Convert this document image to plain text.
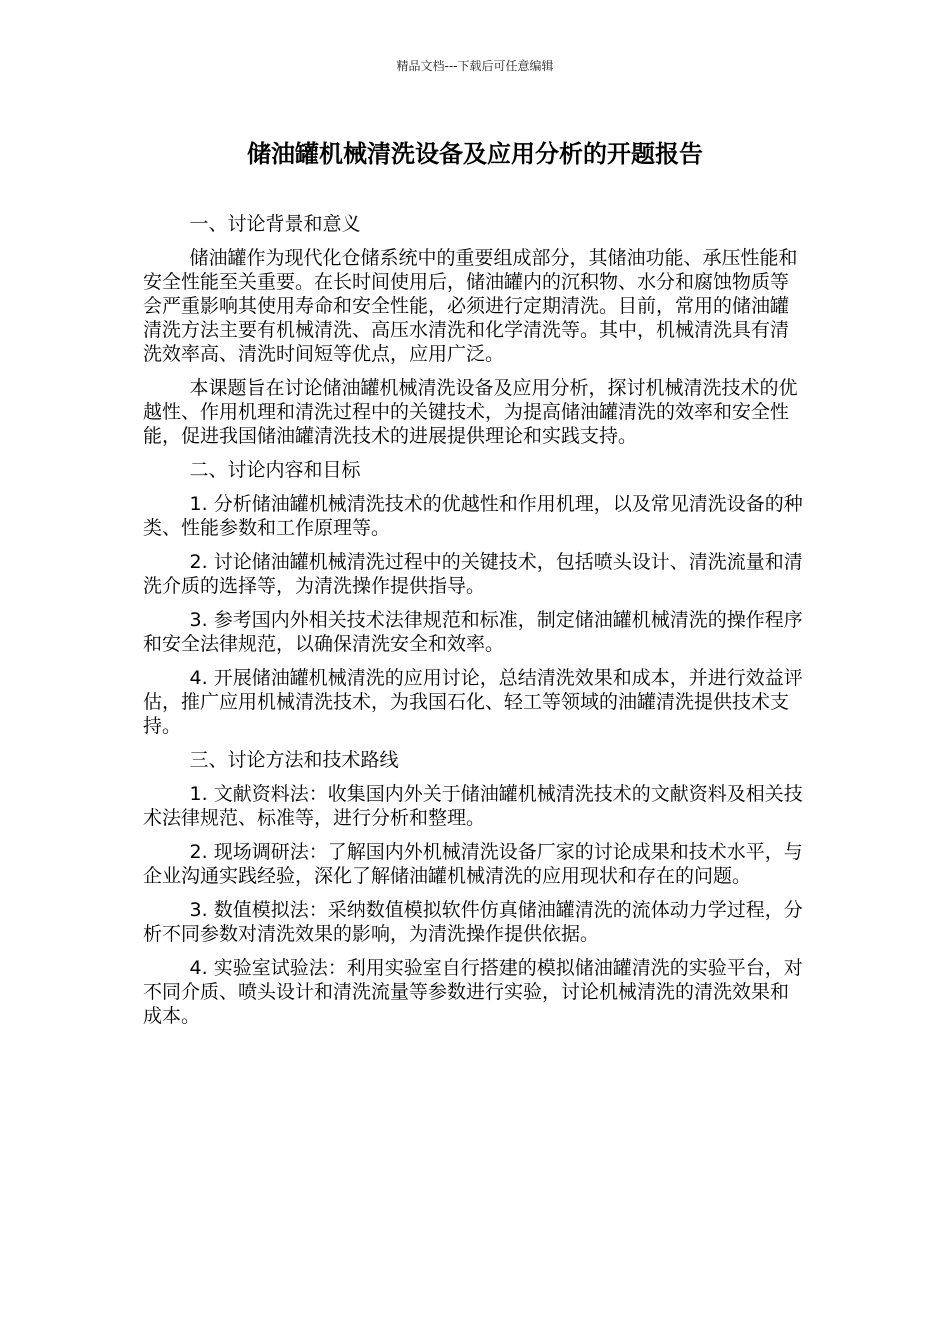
精品文档---下载后可任意编辑
储油罐机械清洗设备及应用分析的开题报告

一、讨论背景和意义

储油罐作为现代化仓储系统中的重要组成部分，其储油功能、承压性能和安全性能至关重要。在长时间使用后，储油罐内的沉积物、水分和腐蚀物质等会严重影响其使用寿命和安全性能，必须进行定期清洗。目前，常用的储油罐清洗方法主要有机械清洗、高压水清洗和化学清洗等。其中，机械清洗具有清洗效率高、清洗时间短等优点，应用广泛。

本课题旨在讨论储油罐机械清洗设备及应用分析，探讨机械清洗技术的优越性、作用机理和清洗过程中的关键技术，为提高储油罐清洗的效率和安全性能，促进我国储油罐清洗技术的进展提供理论和实践支持。

二、讨论内容和目标

1. 分析储油罐机械清洗技术的优越性和作用机理，以及常见清洗设备的种类、性能参数和工作原理等。

2. 讨论储油罐机械清洗过程中的关键技术，包括喷头设计、清洗流量和清洗介质的选择等，为清洗操作提供指导。

3. 参考国内外相关技术法律规范和标准，制定储油罐机械清洗的操作程序和安全法律规范，以确保清洗安全和效率。

4. 开展储油罐机械清洗的应用讨论，总结清洗效果和成本，并进行效益评估，推广应用机械清洗技术，为我国石化、轻工等领域的油罐清洗提供技术支持。

三、讨论方法和技术路线

1. 文献资料法：收集国内外关于储油罐机械清洗技术的文献资料及相关技术法律规范、标准等，进行分析和整理。

2. 现场调研法：了解国内外机械清洗设备厂家的讨论成果和技术水平，与企业沟通实践经验，深化了解储油罐机械清洗的应用现状和存在的问题。

3. 数值模拟法：采纳数值模拟软件仿真储油罐清洗的流体动力学过程，分析不同参数对清洗效果的影响，为清洗操作提供依据。

4. 实验室试验法：利用实验室自行搭建的模拟储油罐清洗的实验平台，对不同介质、喷头设计和清洗流量等参数进行实验，讨论机械清洗的清洗效果和成本。
